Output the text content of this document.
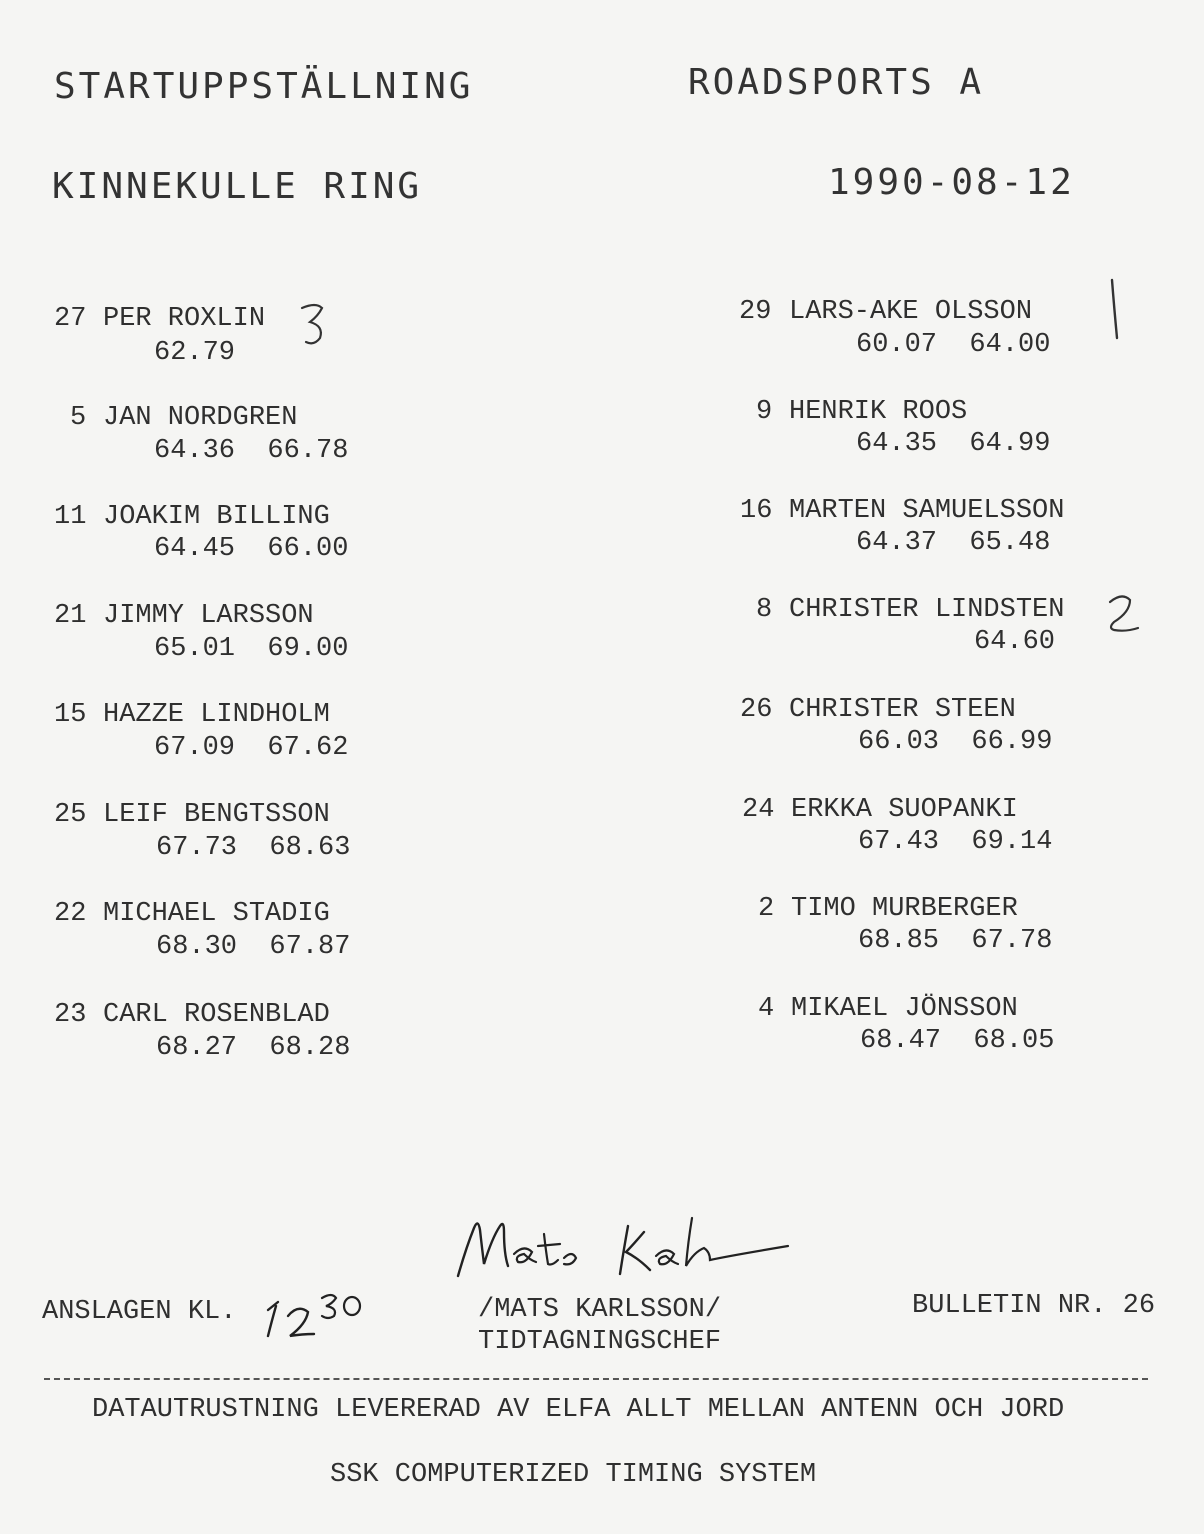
STARTUPPSTÄLLNING	ROADSPORTS A
KINNEKULLE RING	1990-08-12
27 PER ROXLIN
62.79
5 JAN NORDGREN
64.36  66.78
11 JOAKIM BILLING
64.45  66.00
21 JIMMY LARSSON
65.01  69.00
15 HAZZE LINDHOLM
67.09  67.62
25 LEIF BENGTSSON
67.73  68.63
22 MICHAEL STADIG
68.30  67.87
23 CARL ROSENBLAD
68.27  68.28
29 LARS-AKE OLSSON
60.07  64.00
9 HENRIK ROOS
64.35  64.99
16 MARTEN SAMUELSSON
64.37  65.48
8 CHRISTER LINDSTEN
64.60
26 CHRISTER STEEN
66.03  66.99
24 ERKKA SUOPANKI
67.43  69.14
2 TIMO MURBERGER
68.85  67.78
4 MIKAEL JÖNSSON
68.47  68.05
ANSLAGEN KL.	/MATS KARLSSON/
TIDTAGNINGSCHEF
BULLETIN NR. 26
DATAUTRUSTNING LEVERERAD AV ELFA ALLT MELLAN ANTENN OCH JORD
SSK COMPUTERIZED TIMING SYSTEM
